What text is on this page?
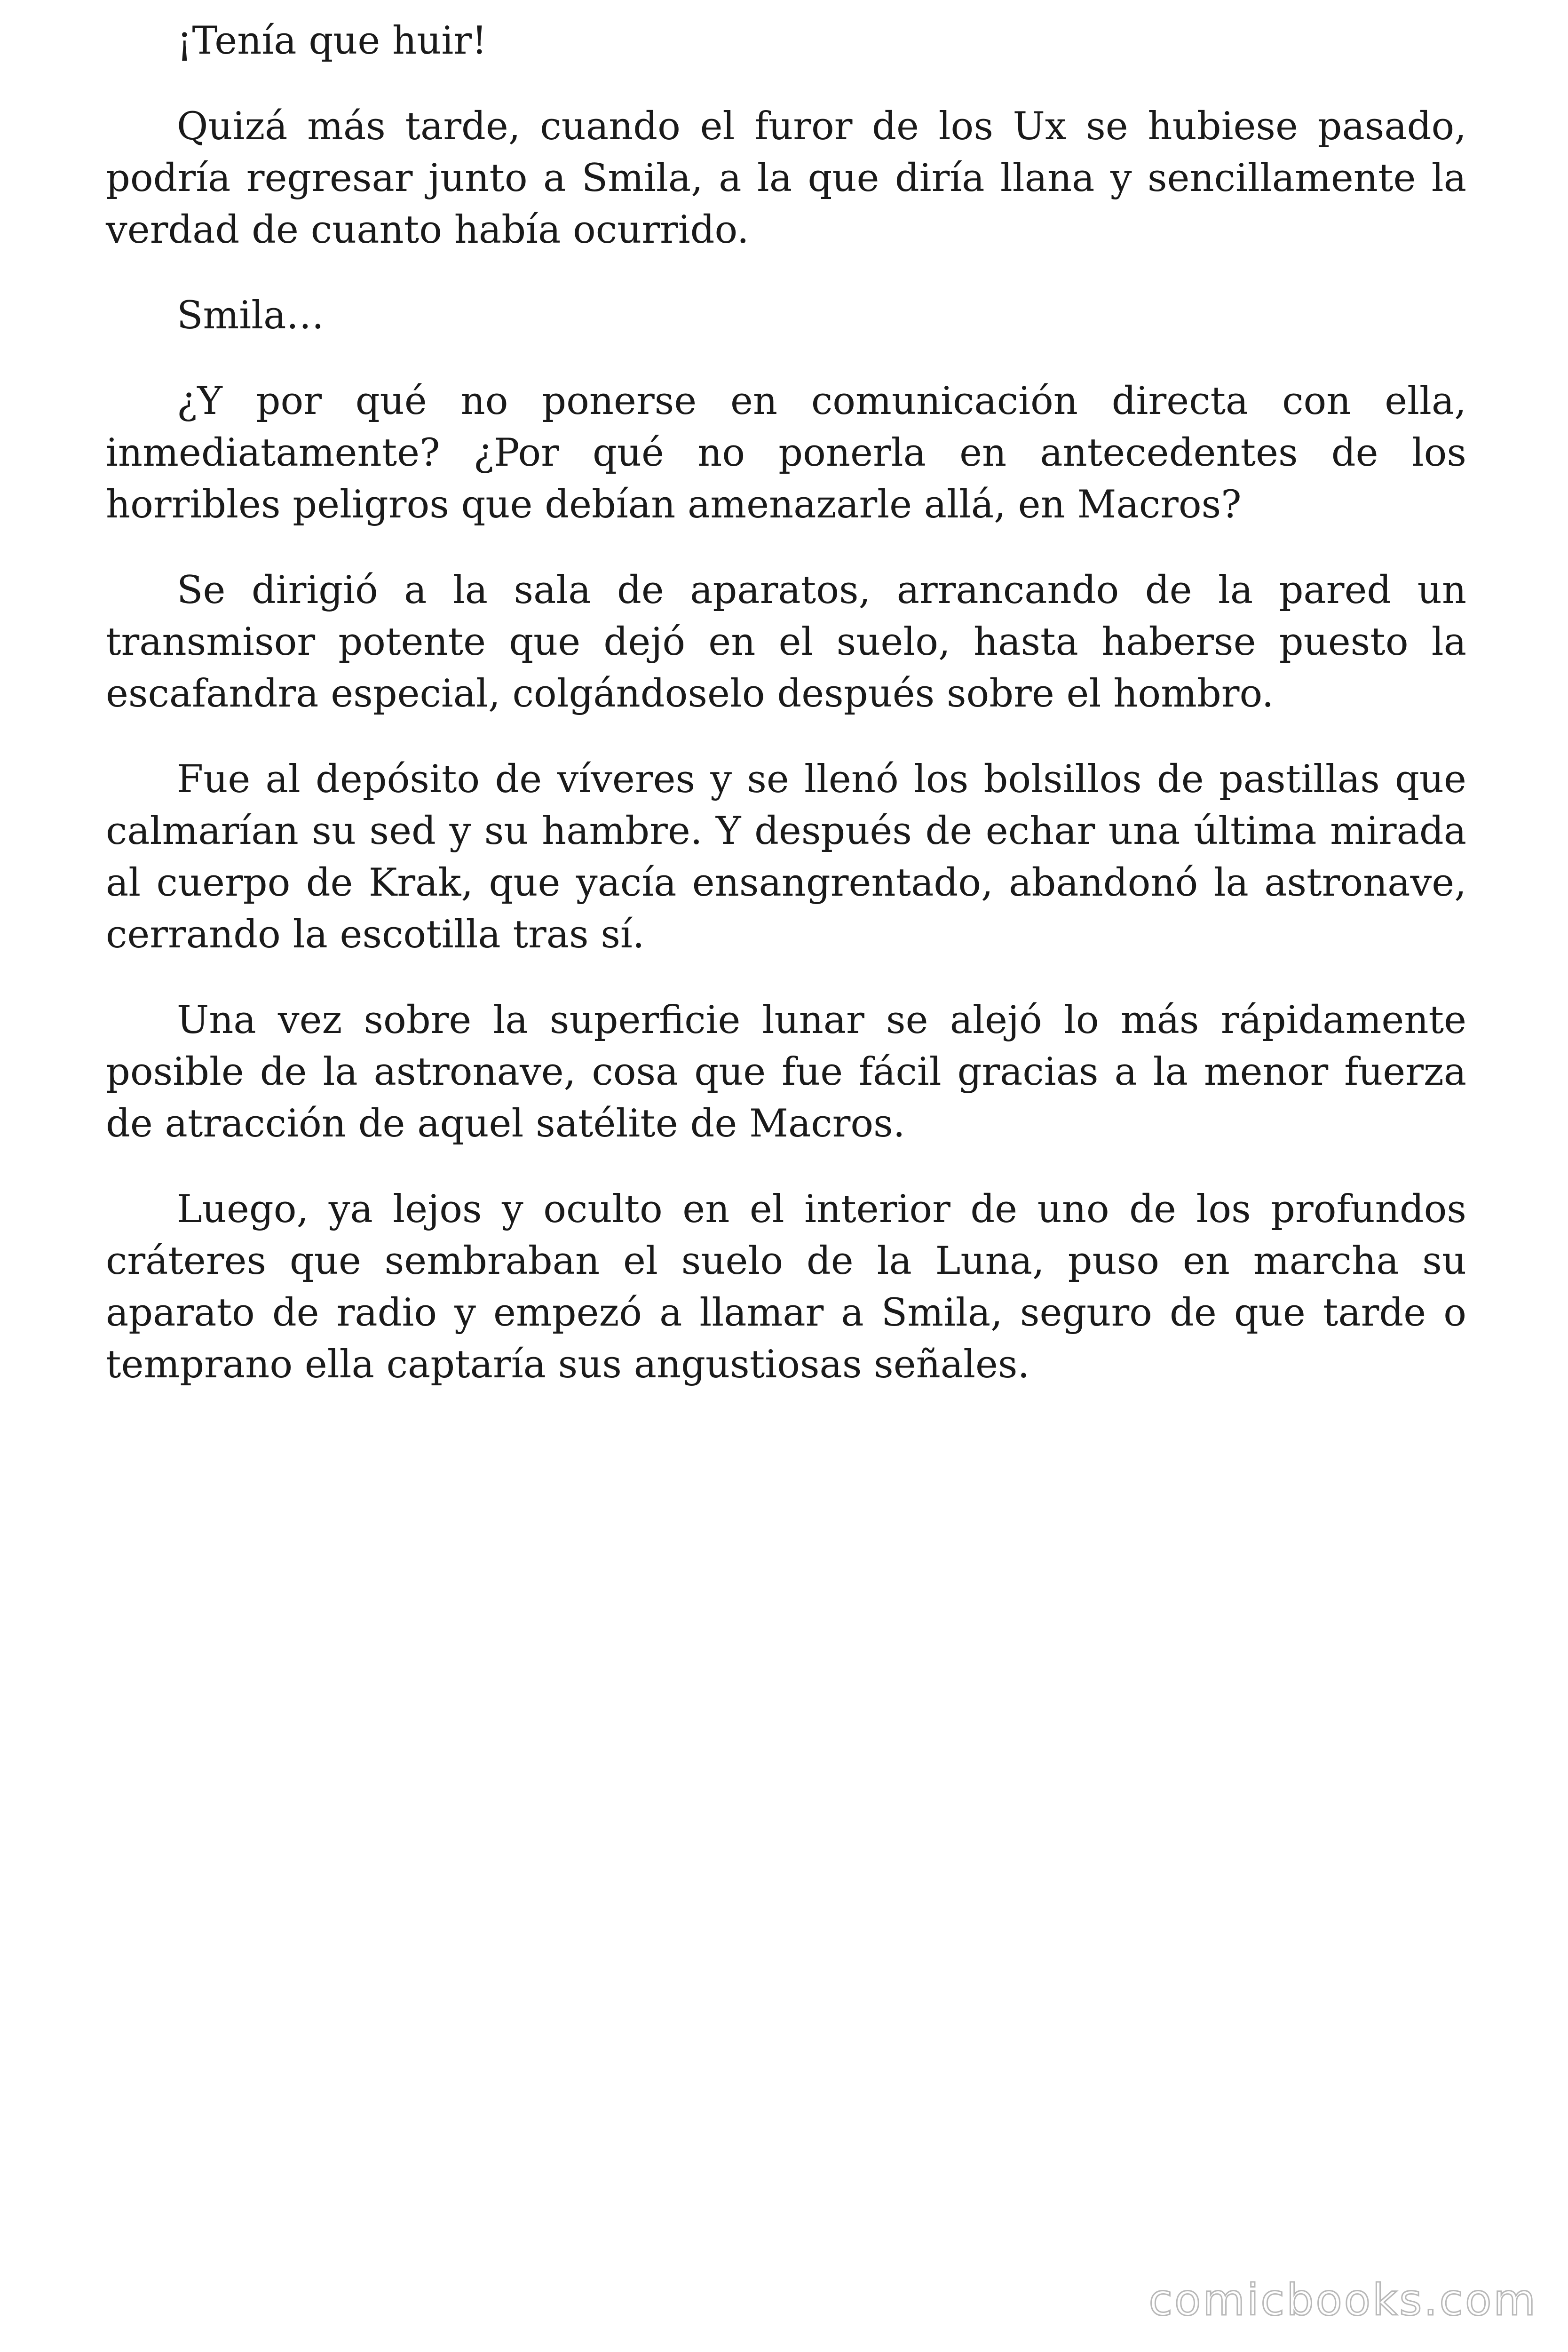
¡Tenía que huir!

Quizá más tarde, cuando el furor de los Ux se hubiese pasado, podría regresar junto a Smila, a la que diría llana y sencillamente la verdad de cuanto había ocurrido.

Smila…

¿Y por qué no ponerse en comunicación directa con ella, inmediatamente? ¿Por qué no ponerla en antecedentes de los horribles peligros que debían amenazarle allá, en Macros?

Se dirigió a la sala de aparatos, arrancando de la pared un transmisor potente que dejó en el suelo, hasta haberse puesto la escafandra especial, colgándoselo después sobre el hombro.

Fue al depósito de víveres y se llenó los bolsillos de pastillas que calmarían su sed y su hambre. Y después de echar una última mirada al cuerpo de Krak, que yacía ensangrentado, abandonó la astronave, cerrando la escotilla tras sí.

Una vez sobre la superficie lunar se alejó lo más rápidamente posible de la astronave, cosa que fue fácil gracias a la menor fuerza de atracción de aquel satélite de Macros.

Luego, ya lejos y oculto en el interior de uno de los profundos cráteres que sembraban el suelo de la Luna, puso en marcha su aparato de radio y empezó a llamar a Smila, seguro de que tarde o temprano ella captaría sus angustiosas señales.

comicbooks.com
